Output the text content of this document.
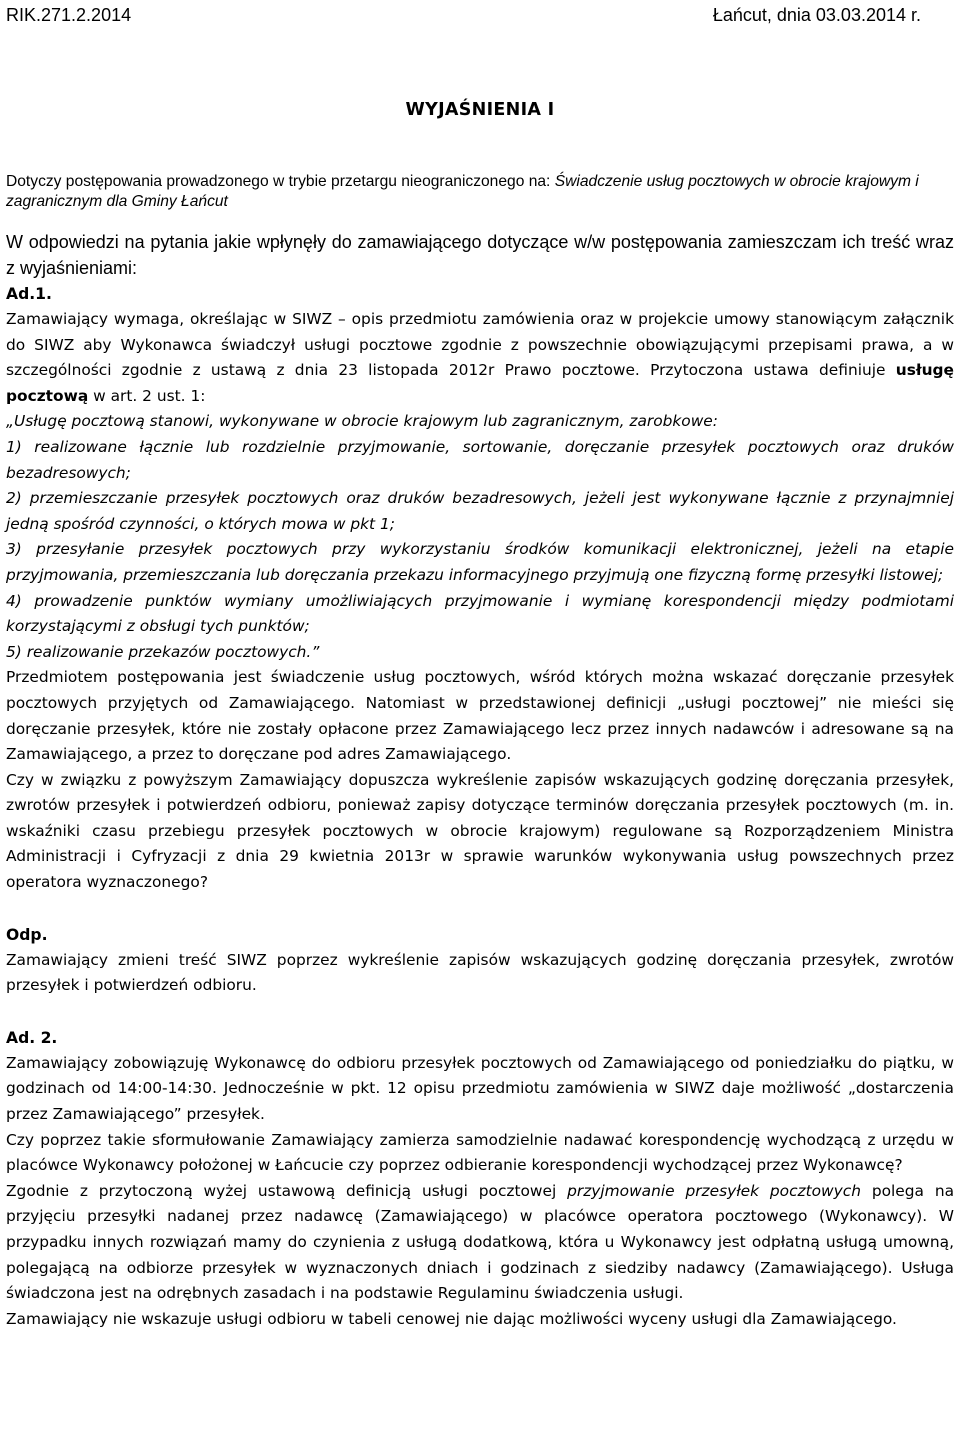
RIK.271.2.2014	Łańcut, dnia 03.03.2014 r.
WYJAŚNIENIA I
Dotyczy postępowania prowadzonego w trybie przetargu nieograniczonego na: Świadczenie usług pocztowych w obrocie krajowym i zagranicznym dla Gminy Łańcut
W odpowiedzi na pytania jakie wpłynęły do zamawiającego dotyczące w/w postępowania zamieszczam ich treść wraz z wyjaśnieniami:
Ad.1.

Zamawiający wymaga, określając w SIWZ – opis przedmiotu zamówienia oraz w projekcie umowy stanowiącym załącznik do SIWZ aby Wykonawca świadczył usługi pocztowe zgodnie z powszechnie obowiązującymi przepisami prawa, a w szczególności zgodnie z ustawą z dnia 23 listopada 2012r Prawo pocztowe. Przytoczona ustawa definiuje usługę pocztową w art. 2 ust. 1:

„Usługę pocztową stanowi, wykonywane w obrocie krajowym lub zagranicznym, zarobkowe:

1) realizowane łącznie lub rozdzielnie przyjmowanie, sortowanie, doręczanie przesyłek pocztowych oraz druków bezadresowych;

2) przemieszczanie przesyłek pocztowych oraz druków bezadresowych, jeżeli jest wykonywane łącznie z przynajmniej jedną spośród czynności, o których mowa w pkt 1;

3) przesyłanie przesyłek pocztowych przy wykorzystaniu środków komunikacji elektronicznej, jeżeli na etapie przyjmowania, przemieszczania lub doręczania przekazu informacyjnego przyjmują one fizyczną formę przesyłki listowej;

4) prowadzenie punktów wymiany umożliwiających przyjmowanie i wymianę korespondencji między podmiotami korzystającymi z obsługi tych punktów;

5) realizowanie przekazów pocztowych.”

Przedmiotem postępowania jest świadczenie usług pocztowych, wśród których można wskazać doręczanie przesyłek pocztowych przyjętych od Zamawiającego. Natomiast w przedstawionej definicji „usługi pocztowej” nie mieści się doręczanie przesyłek, które nie zostały opłacone przez Zamawiającego lecz przez innych nadawców i adresowane są na Zamawiającego, a przez to doręczane pod adres Zamawiającego.

Czy w związku z powyższym Zamawiający dopuszcza wykreślenie zapisów wskazujących godzinę doręczania przesyłek, zwrotów przesyłek i potwierdzeń odbioru, ponieważ zapisy dotyczące terminów doręczania przesyłek pocztowych (m. in. wskaźniki czasu przebiegu przesyłek pocztowych w obrocie krajowym) regulowane są Rozporządzeniem Ministra Administracji i Cyfryzacji z dnia 29 kwietnia 2013r w sprawie warunków wykonywania usług powszechnych przez operatora wyznaczonego?

Odp.

Zamawiający zmieni treść SIWZ poprzez wykreślenie zapisów wskazujących godzinę doręczania przesyłek, zwrotów przesyłek i potwierdzeń odbioru.

Ad. 2.

Zamawiający zobowiązuję Wykonawcę do odbioru przesyłek pocztowych od Zamawiającego od poniedziałku do piątku, w godzinach od 14:00-14:30. Jednocześnie w pkt. 12 opisu przedmiotu zamówienia w SIWZ daje możliwość „dostarczenia przez Zamawiającego” przesyłek.

Czy poprzez takie sformułowanie Zamawiający zamierza samodzielnie nadawać korespondencję wychodzącą z urzędu w placówce Wykonawcy położonej w Łańcucie czy poprzez odbieranie korespondencji wychodzącej przez Wykonawcę?

Zgodnie z przytoczoną wyżej ustawową definicją usługi pocztowej przyjmowanie przesyłek pocztowych polega na przyjęciu przesyłki nadanej przez nadawcę (Zamawiającego) w placówce operatora pocztowego (Wykonawcy). W przypadku innych rozwiązań mamy do czynienia z usługą dodatkową, która u Wykonawcy jest odpłatną usługą umowną, polegającą na odbiorze przesyłek w wyznaczonych dniach i godzinach z siedziby nadawcy (Zamawiającego). Usługa świadczona jest na odrębnych zasadach i na podstawie Regulaminu świadczenia usługi.

Zamawiający nie wskazuje usługi odbioru w tabeli cenowej nie dając możliwości wyceny usługi dla Zamawiającego.
